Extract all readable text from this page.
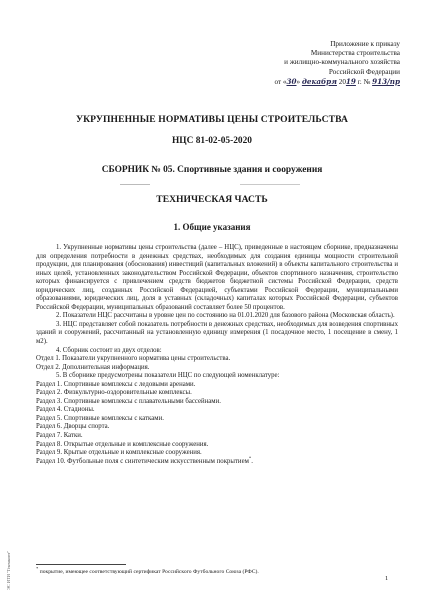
Приложение к приказу
Министерства строительства
и жилищно-коммунального хозяйства
Российской Федерации
от «30» декабря 2019 г. № 913/пр
УКРУПНЕННЫЕ НОРМАТИВЫ ЦЕНЫ СТРОИТЕЛЬСТВА
НЦС 81-02-05-2020
СБОРНИК № 05. Спортивные здания и сооружения
ТЕХНИЧЕСКАЯ ЧАСТЬ
1. Общие указания

1. Укрупненные нормативы цены строительства (далее – НЦС), приведенные в настоящем сборнике, предназначены для определения потребности в денежных средствах, необходимых для создания единицы мощности строительной продукции, для планирования (обоснования) инвестиций (капитальных вложений) в объекты капитального строительства и иных целей, установленных законодательством Российской Федерации, объектов спортивного назначения, строительство которых финансируется с привлечением средств бюджетов бюджетной системы Российской Федерации, средств юридических лиц, созданных Российской Федерацией, субъектами Российской Федерации, муниципальными образованиями, юридических лиц, доля в уставных (складочных) капиталах которых Российской Федерации, субъектов Российской Федерации, муниципальных образований составляет более 50 процентов.

2. Показатели НЦС рассчитаны в уровне цен по состоянию на 01.01.2020 для базового района (Московская область).

3. НЦС представляет собой показатель потребности в денежных средствах, необходимых для возведения спортивных зданий и сооружений, рассчитанный на установленную единицу измерения (1 посадочное место, 1 посещение в смену, 1 м2).

4. Сборник состоит из двух отделов:

Отдел 1. Показатели укрупненного норматива цены строительства.

Отдел 2. Дополнительная информация.

5. В сборнике предусмотрены показатели НЦС по следующей номенклатуре:

Раздел 1. Спортивные комплексы с ледовыми аренами.

Раздел 2. Физкультурно-оздоровительные комплексы.

Раздел 3. Спортивные комплексы с плавательными бассейнами.

Раздел 4. Стадионы.

Раздел 5. Спортивные комплексы с катками.

Раздел 6. Дворцы спорта.

Раздел 7. Катки.

Раздел 8. Открытые отдельные и комплексные сооружения.

Раздел 9. Крытые отдельные и комплексные сооружения.

Раздел 10. Футбольные поля с синтетическим искусственным покрытием*.

* покрытие, имеющее соответствующий сертификат Российского Футбольного Союза (РФС).
1
ЭС ИТИ "Гектаконт"
